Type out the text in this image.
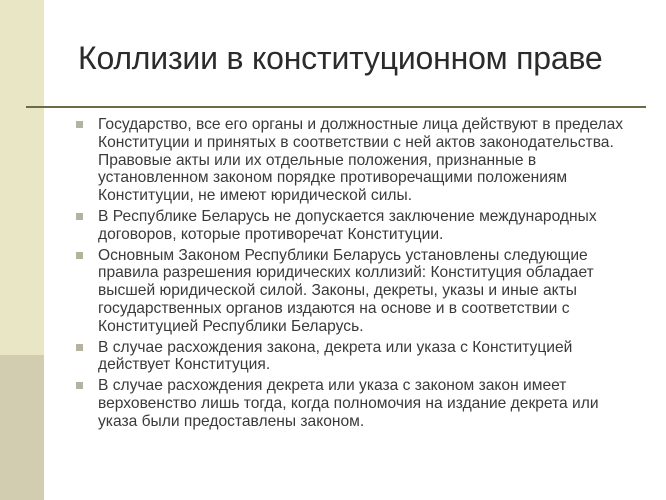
Коллизии в конституционном праве
Государство, все его органы и должностные лица действуют в пределах Конституции и принятых в соответствии с ней актов законодательства. Правовые акты или их отдельные положения, признанные в установленном законом порядке противоречащими положениям Конституции, не имеют юридической силы.
В Республике Беларусь не допускается заключение международных договоров, которые противоречат Конституции.
Основным Законом Республики Беларусь установлены следующие правила разрешения юридических коллизий: Конституция обладает высшей юридической силой. Законы, декреты, указы и иные акты государственных органов издаются на основе и в соответствии с Конституцией Республики Беларусь.
В случае расхождения закона, декрета или указа с Конституцией действует Конституция.
В случае расхождения декрета или указа с законом закон имеет верховенство лишь тогда, когда полномочия на издание декрета или указа были предоставлены законом.
